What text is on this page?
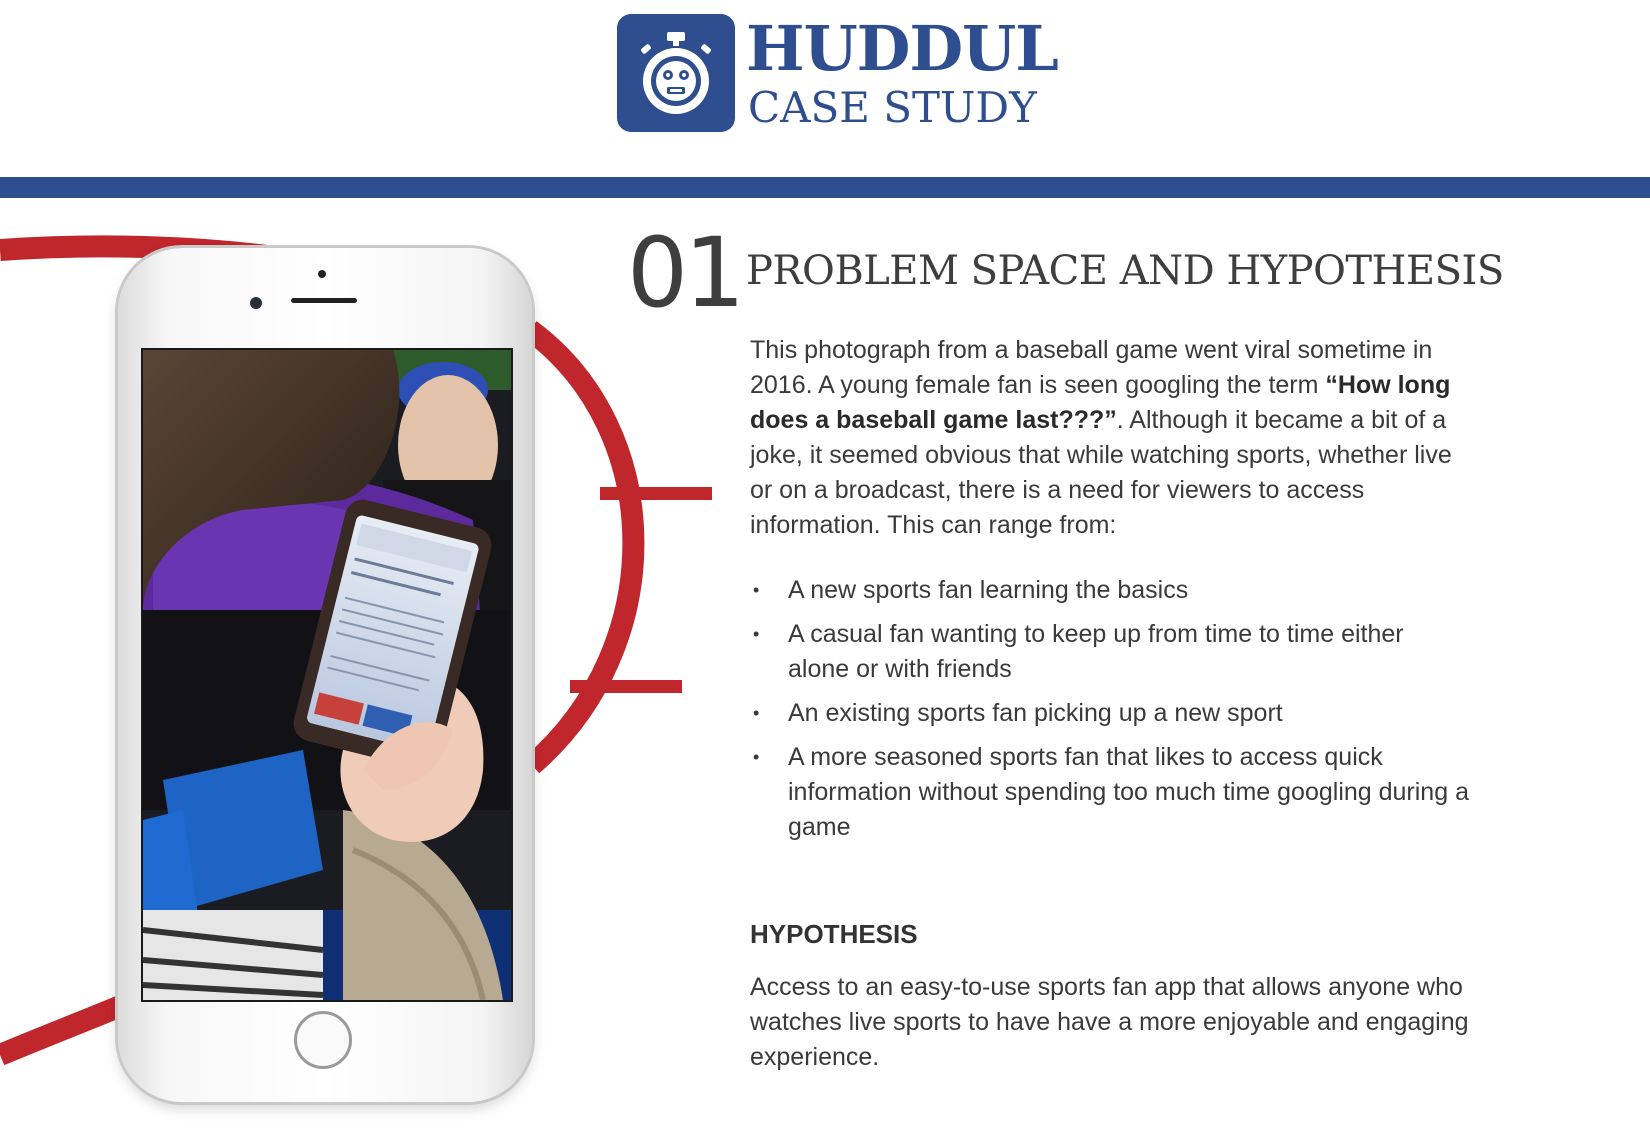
HUDDUL
CASE STUDY
01 PROBLEM SPACE AND HYPOTHESIS
This photograph from a baseball game went viral sometime in 2016. A young female fan is seen googling the term “How long does a baseball game last???”. Although it became a bit of a joke, it seemed obvious that while watching sports, whether live or on a broadcast, there is a need for viewers to access information. This can range from:
• A new sports fan learning the basics
• A casual fan wanting to keep up from time to time either alone or with friends
• An existing sports fan picking up a new sport
• A more seasoned sports fan that likes to access quick information without spending too much time googling during a game
HYPOTHESIS
Access to an easy-to-use sports fan app that allows anyone who watches live sports to have have a more enjoyable and engaging experience.
